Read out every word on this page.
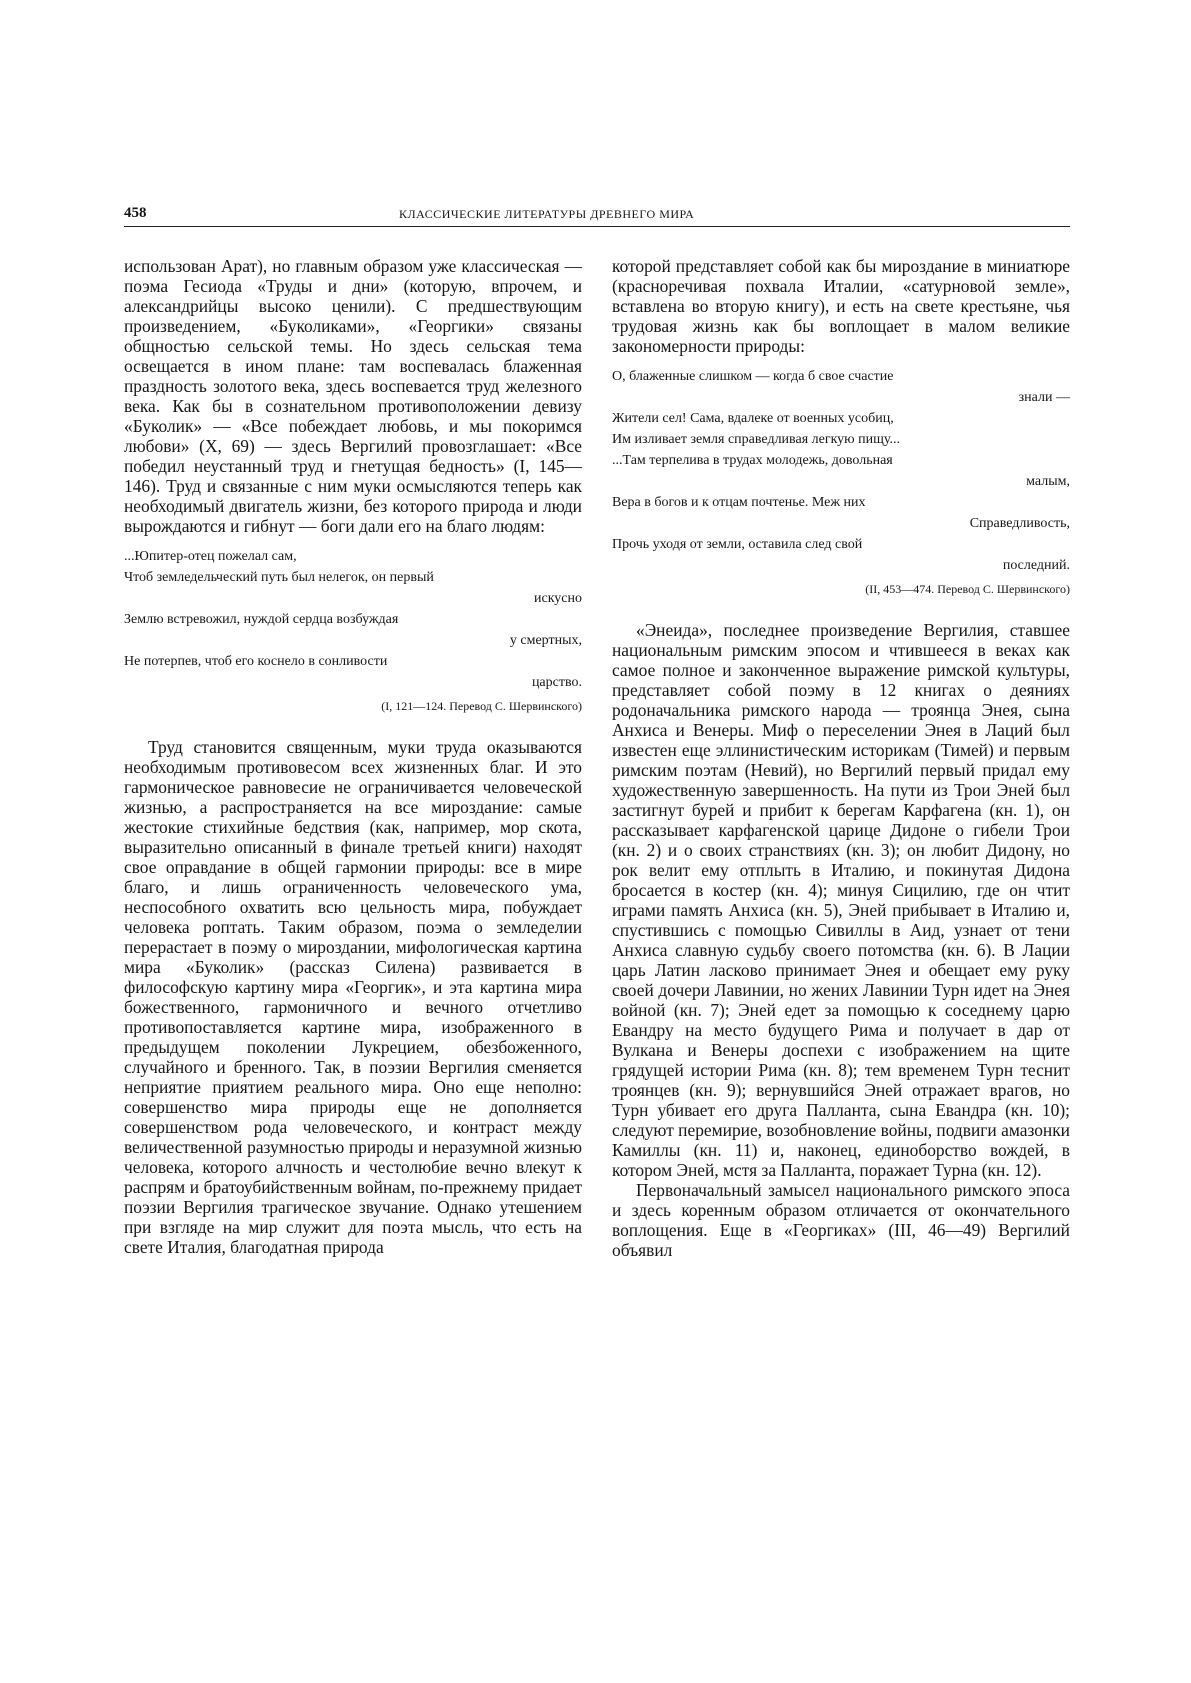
458	КЛАССИЧЕСКИЕ ЛИТЕРАТУРЫ ДРЕВНЕГО МИРА

использован Арат), но главным образом уже классическая — поэма Гесиода «Труды и дни» (которую, впрочем, и александрийцы высоко ценили). С предшествующим произведением, «Буколиками», «Георгики» связаны общностью сельской темы. Но здесь сельская тема освещается в ином плане: там воспевалась блаженная праздность золотого века, здесь воспевается труд железного века. Как бы в сознательном противоположении девизу «Буколик» — «Все побеждает любовь, и мы покоримся любови» (X, 69) — здесь Вергилий провозглашает: «Все победил неустанный труд и гнетущая бедность» (I, 145—146). Труд и связанные с ним муки осмысляются теперь как необходимый двигатель жизни, без которого природа и люди вырождаются и гибнут — боги дали его на благо людям:

...Юпитер-отец пожелал сам,
Чтоб земледельческий путь был нелегок, он первый
искусно
Землю встревожил, нуждой сердца возбуждая
у смертных,
Не потерпев, чтоб его коснело в сонливости
царство.
(I, 121—124. Перевод С. Шервинского)

Труд становится священным, муки труда оказываются необходимым противовесом всех жизненных благ. И это гармоническое равновесие не ограничивается человеческой жизнью, а распространяется на все мироздание: самые жестокие стихийные бедствия (как, например, мор скота, выразительно описанный в финале третьей книги) находят свое оправдание в общей гармонии природы: все в мире благо, и лишь ограниченность человеческого ума, неспособного охватить всю цельность мира, побуждает человека роптать. Таким образом, поэма о земледелии перерастает в поэму о мироздании, мифологическая картина мира «Буколик» (рассказ Силена) развивается в философскую картину мира «Георгик», и эта картина мира божественного, гармоничного и вечного отчетливо противопоставляется картине мира, изображенного в предыдущем поколении Лукрецием, обезбоженного, случайного и бренного. Так, в поэзии Вергилия сменяется неприятие приятием реального мира. Оно еще неполно: совершенство мира природы еще не дополняется совершенством рода человеческого, и контраст между величественной разумностью природы и неразумной жизнью человека, которого алчность и честолюбие вечно влекут к распрям и братоубийственным войнам, по-прежнему придает поэзии Вергилия трагическое звучание. Однако утешением при взгляде на мир служит для поэта мысль, что есть на свете Италия, благодатная природа

которой представляет собой как бы мироздание в миниатюре (красноречивая похвала Италии, «сатурновой земле», вставлена во вторую книгу), и есть на свете крестьяне, чья трудовая жизнь как бы воплощает в малом великие закономерности природы:

О, блаженные слишком — когда б свое счастие
знали —
Жители сел! Сама, вдалеке от военных усобиц,
Им изливает земля справедливая легкую пищу...
...Там терпелива в трудах молодежь, довольная
малым,
Вера в богов и к отцам почтенье. Меж них
Справедливость,
Прочь уходя от земли, оставила след свой
последний.
(II, 453—474. Перевод С. Шервинского)

«Энеида», последнее произведение Вергилия, ставшее национальным римским эпосом и чтившееся в веках как самое полное и законченное выражение римской культуры, представляет собой поэму в 12 книгах о деяниях родоначальника римского народа — троянца Энея, сына Анхиса и Венеры. Миф о переселении Энея в Лаций был известен еще эллинистическим историкам (Тимей) и первым римским поэтам (Невий), но Вергилий первый придал ему художественную завершенность. На пути из Трои Эней был застигнут бурей и прибит к берегам Карфагена (кн. 1), он рассказывает карфагенской царице Дидоне о гибели Трои (кн. 2) и о своих странствиях (кн. 3); он любит Дидону, но рок велит ему отплыть в Италию, и покинутая Дидона бросается в костер (кн. 4); минуя Сицилию, где он чтит играми память Анхиса (кн. 5), Эней прибывает в Италию и, спустившись с помощью Сивиллы в Аид, узнает от тени Анхиса славную судьбу своего потомства (кн. 6). В Лации царь Латин ласково принимает Энея и обещает ему руку своей дочери Лавинии, но жених Лавинии Турн идет на Энея войной (кн. 7); Эней едет за помощью к соседнему царю Евандру на место будущего Рима и получает в дар от Вулкана и Венеры доспехи с изображением на щите грядущей истории Рима (кн. 8); тем временем Турн теснит троянцев (кн. 9); вернувшийся Эней отражает врагов, но Турн убивает его друга Палланта, сына Евандра (кн. 10); следуют перемирие, возобновление войны, подвиги амазонки Камиллы (кн. 11) и, наконец, единоборство вождей, в котором Эней, мстя за Палланта, поражает Турна (кн. 12).

Первоначальный замысел национального римского эпоса и здесь коренным образом отличается от окончательного воплощения. Еще в «Георгиках» (III, 46—49) Вергилий объявил
